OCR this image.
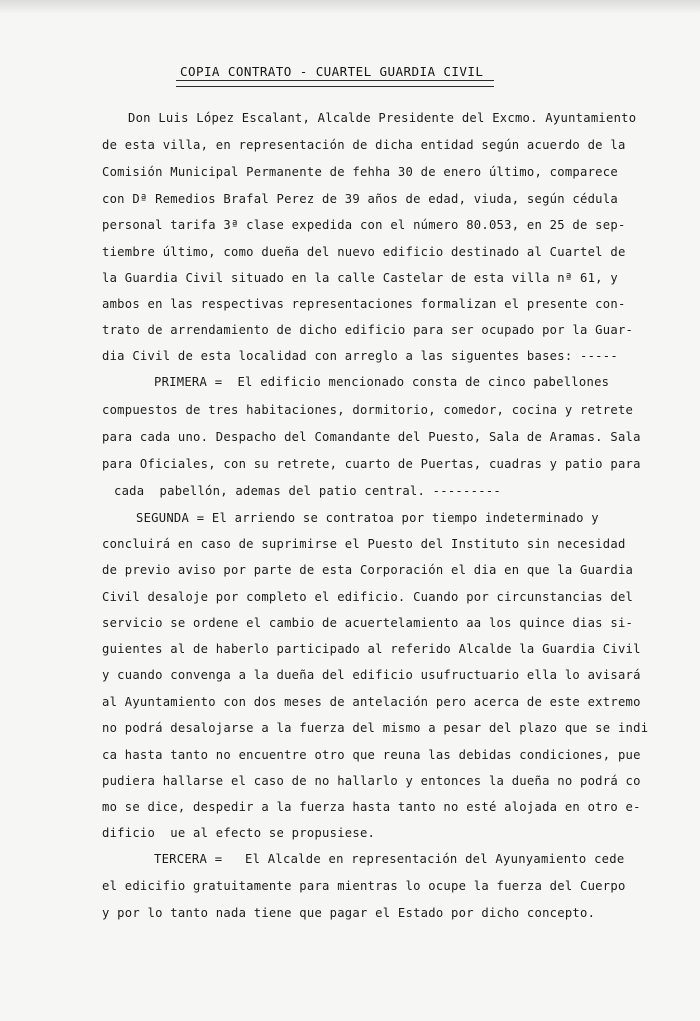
COPIA CONTRATO - CUARTEL GUARDIA CIVIL
Don Luis López Escalant, Alcalde Presidente del Excmo. Ayuntamiento
de esta villa, en representación de dicha entidad según acuerdo de la
Comisión Municipal Permanente de fehha 30 de enero último, comparece
con Dª Remedios Brafal Perez de 39 años de edad, viuda, según cédula
personal tarifa 3ª clase expedida con el número 80.053, en 25 de sep-
tiembre último, como dueña del nuevo edificio destinado al Cuartel de
la Guardia Civil situado en la calle Castelar de esta villa nª 61, y
ambos en las respectivas representaciones formalizan el presente con-
trato de arrendamiento de dicho edificio para ser ocupado por la Guar-
dia Civil de esta localidad con arreglo a las siguentes bases: -----
PRIMERA =  El edificio mencionado consta de cinco pabellones
compuestos de tres habitaciones, dormitorio, comedor, cocina y retrete
para cada uno. Despacho del Comandante del Puesto, Sala de Aramas. Sala
para Oficiales, con su retrete, cuarto de Puertas, cuadras y patio para
cada  pabellón, ademas del patio central. ---------
SEGUNDA = El arriendo se contratoa por tiempo indeterminado y
concluirá en caso de suprimirse el Puesto del Instituto sin necesidad
de previo aviso por parte de esta Corporación el dia en que la Guardia
Civil desaloje por completo el edificio. Cuando por circunstancias del
servicio se ordene el cambio de acuertelamiento aa los quince dias si-
guientes al de haberlo participado al referido Alcalde la Guardia Civil
y cuando convenga a la dueña del edificio usufructuario ella lo avisará
al Ayuntamiento con dos meses de antelación pero acerca de este extremo
no podrá desalojarse a la fuerza del mismo a pesar del plazo que se indi
ca hasta tanto no encuentre otro que reuna las debidas condiciones, pue
pudiera hallarse el caso de no hallarlo y entonces la dueña no podrá co
mo se dice, despedir a la fuerza hasta tanto no esté alojada en otro e-
dificio  ue al efecto se propusiese.
TERCERA =   El Alcalde en representación del Ayunyamiento cede
el edicifio gratuitamente para mientras lo ocupe la fuerza del Cuerpo
y por lo tanto nada tiene que pagar el Estado por dicho concepto.
